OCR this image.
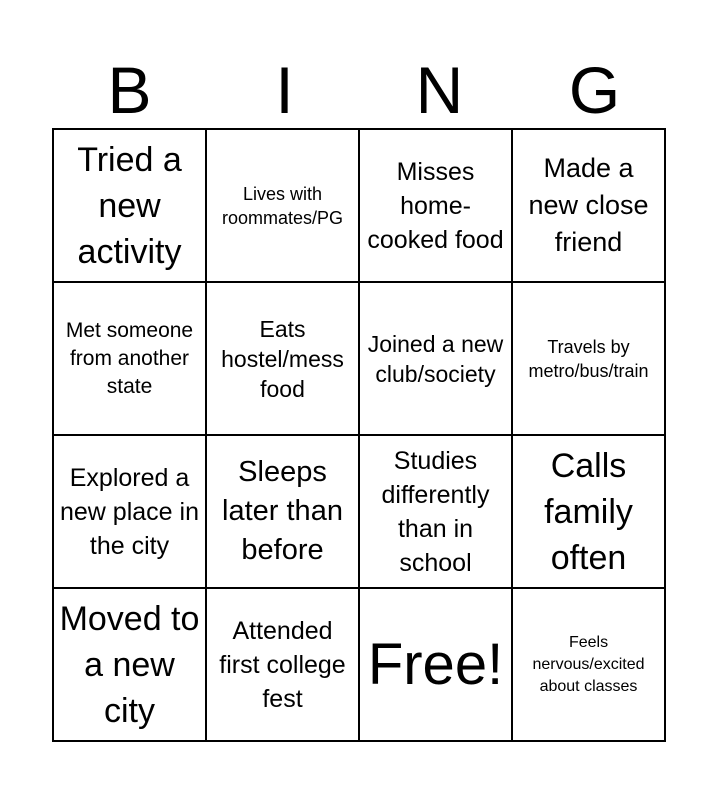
B	I	N	G
Tried a new activity	Lives with roommates/PG	Misses home-cooked food	Made a new close friend
Met someone from another state	Eats hostel/mess food	Joined a new club/society	Travels by metro/bus/train
Explored a new place in the city	Sleeps later than before	Studies differently than in school	Calls family often
Moved to a new city	Attended first college fest	Free!	Feels nervous/excited about classes
